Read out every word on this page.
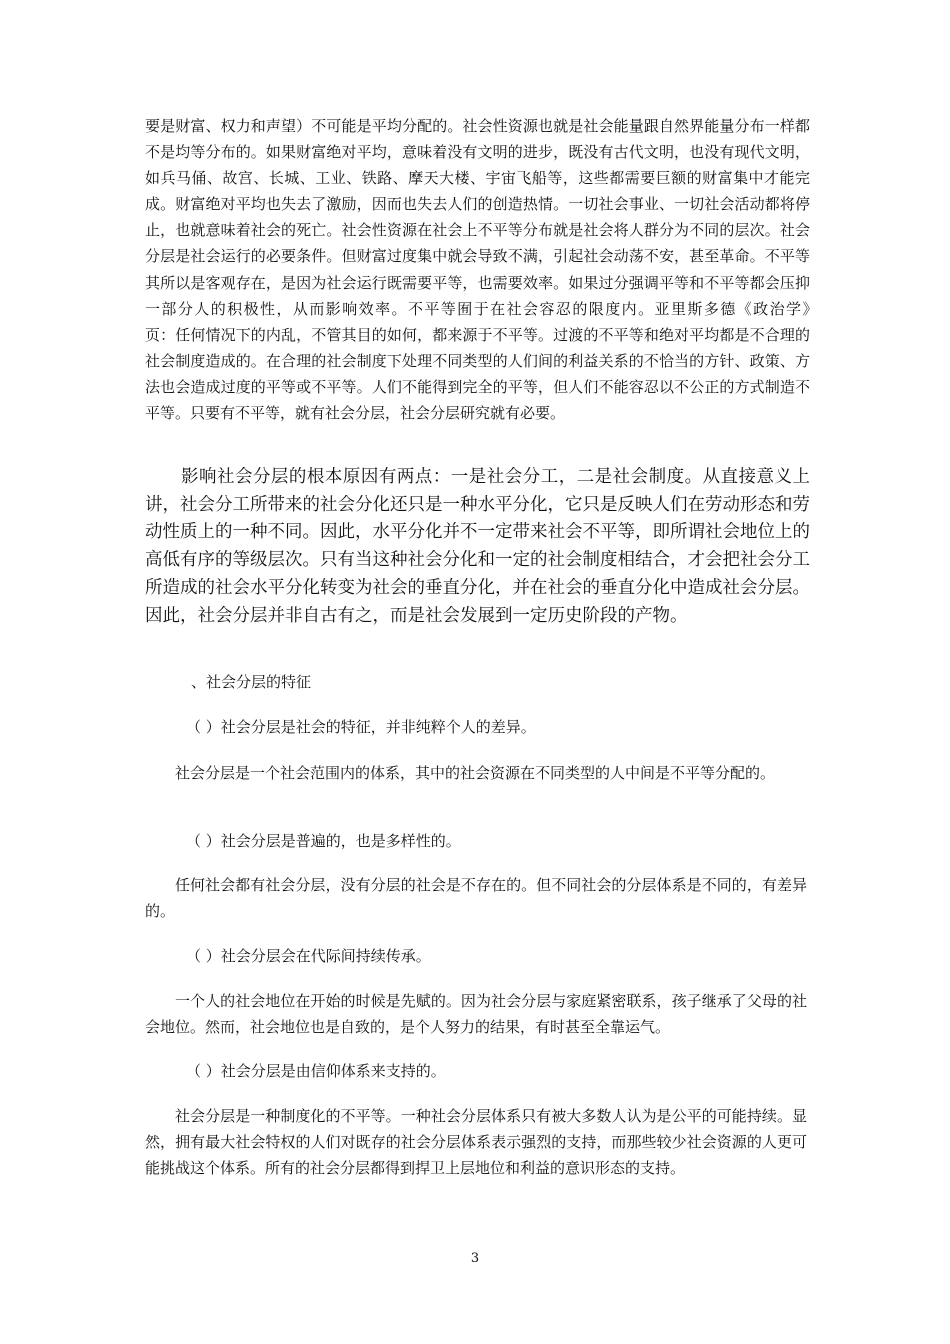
要是财富、权力和声望）不可能是平均分配的。社会性资源也就是社会能量跟自然界能量分布一样都不是均等分布的。如果财富绝对平均，意味着没有文明的进步，既没有古代文明，也没有现代文明，如兵马俑、故宫、长城、工业、铁路、摩天大楼、宇宙飞船等，这些都需要巨额的财富集中才能完成。财富绝对平均也失去了激励，因而也失去人们的创造热情。一切社会事业、一切社会活动都将停止，也就意味着社会的死亡。社会性资源在社会上不平等分布就是社会将人群分为不同的层次。社会分层是社会运行的必要条件。但财富过度集中就会导致不满，引起社会动荡不安，甚至革命。不平等其所以是客观存在，是因为社会运行既需要平等，也需要效率。如果过分强调平等和不平等都会压抑一部分人的积极性，从而影响效率。不平等囿于在社会容忍的限度内。亚里斯多德《政治学》　　页：任何情况下的内乱，不管其目的如何，都来源于不平等。过渡的不平等和绝对平均都是不合理的社会制度造成的。在合理的社会制度下处理不同类型的人们间的利益关系的不恰当的方针、政策、方法也会造成过度的平等或不平等。人们不能得到完全的平等，但人们不能容忍以不公正的方式制造不平等。只要有不平等，就有社会分层，社会分层研究就有必要。

影响社会分层的根本原因有两点：一是社会分工，二是社会制度。从直接意义上讲，社会分工所带来的社会分化还只是一种水平分化，它只是反映人们在劳动形态和劳动性质上的一种不同。因此，水平分化并不一定带来社会不平等，即所谓社会地位上的高低有序的等级层次。只有当这种社会分化和一定的社会制度相结合，才会把社会分工所造成的社会水平分化转变为社会的垂直分化，并在社会的垂直分化中造成社会分层。因此，社会分层并非自古有之，而是社会发展到一定历史阶段的产物。

、社会分层的特征

（ ）社会分层是社会的特征，并非纯粹个人的差异。

社会分层是一个社会范围内的体系，其中的社会资源在不同类型的人中间是不平等分配的。

（ ）社会分层是普遍的，也是多样性的。

任何社会都有社会分层，没有分层的社会是不存在的。但不同社会的分层体系是不同的，有差异的。

（ ）社会分层会在代际间持续传承。

一个人的社会地位在开始的时候是先赋的。因为社会分层与家庭紧密联系，孩子继承了父母的社会地位。然而，社会地位也是自致的，是个人努力的结果，有时甚至全靠运气。

（ ）社会分层是由信仰体系来支持的。

社会分层是一种制度化的不平等。一种社会分层体系只有被大多数人认为是公平的可能持续。显然，拥有最大社会特权的人们对既存的社会分层体系表示强烈的支持，而那些较少社会资源的人更可能挑战这个体系。所有的社会分层都得到捍卫上层地位和利益的意识形态的支持。

3
